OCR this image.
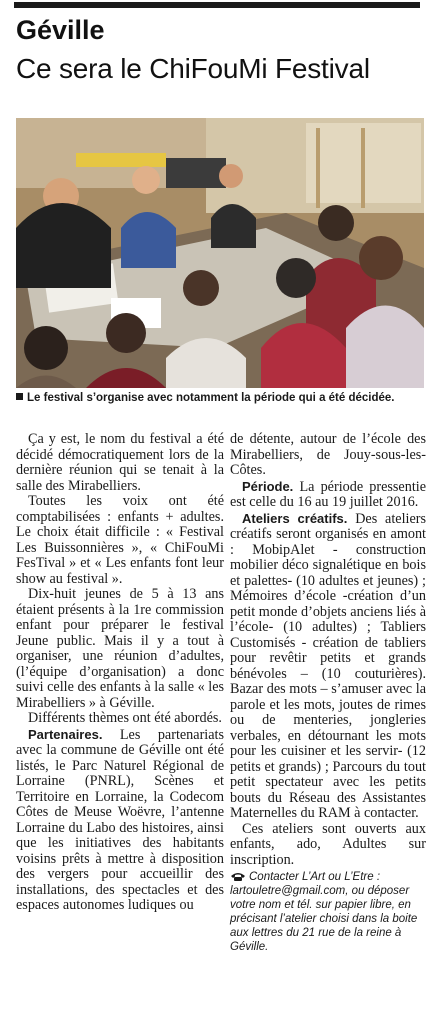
Géville
Ce sera le ChiFouMi Festival
Le festival s’organise avec notamment la période qui a été décidée.

Ça y est, le nom du festival a été décidé démocratiquement lors de la dernière réunion qui se tenait à la salle des Mirabelliers.

Toutes les voix ont été comptabilisées : enfants + adultes. Le choix était difficile : « Festival Les Buissonnières », « ChiFouMi FesTival » et « Les enfants font leur show au festival ».

Dix-huit jeunes de 5 à 13 ans étaient présents à la 1re commission enfant pour préparer le festival Jeune public. Mais il y a tout à organiser, une réunion d’adultes, (l’équipe d’organisation) a donc suivi celle des enfants à la salle « les Mirabelliers » à Géville.

Différents thèmes ont été abordés.

Partenaires. Les partenariats avec la commune de Géville ont été listés, le Parc Naturel Régional de Lorraine (PNRL), Scènes et Territoire en Lorraine, la Codecom Côtes de Meuse Woëvre, l’antenne Lorraine du Labo des histoires, ainsi que les initiatives des habitants voisins prêts à mettre à disposition des vergers pour accueillir des installations, des spectacles et des espaces autonomes ludiques ou

de détente, autour de l’école des Mirabelliers, de Jouy-sous-les-Côtes.

Période. La période pressentie est celle du 16 au 19 juillet 2016.

Ateliers créatifs. Des ateliers créatifs seront organisés en amont : MobipAlet - construction mobilier déco signalétique en bois et palettes- (10 adultes et jeunes) ; Mémoires d’école -création d’un petit monde d’objets anciens liés à l’école- (10 adultes) ; Tabliers Customisés - création de tabliers pour revêtir petits et grands bénévoles – (10 couturières). Bazar des mots – s’amuser avec la parole et les mots, joutes de rimes ou de menteries, jongleries verbales, en détournant les mots pour les cuisiner et les servir- (12 petits et grands) ; Parcours du tout petit spectateur avec les petits bouts du Réseau des Assistantes Maternelles du RAM à contacter.

Ces ateliers sont ouverts aux enfants, ado, Adultes sur inscription.

Contacter L’Art ou L’Etre : lartouletre@gmail.com, ou déposer votre nom et tél. sur papier libre, en précisant l’atelier choisi dans la boite aux lettres du 21 rue de la reine à Géville.
